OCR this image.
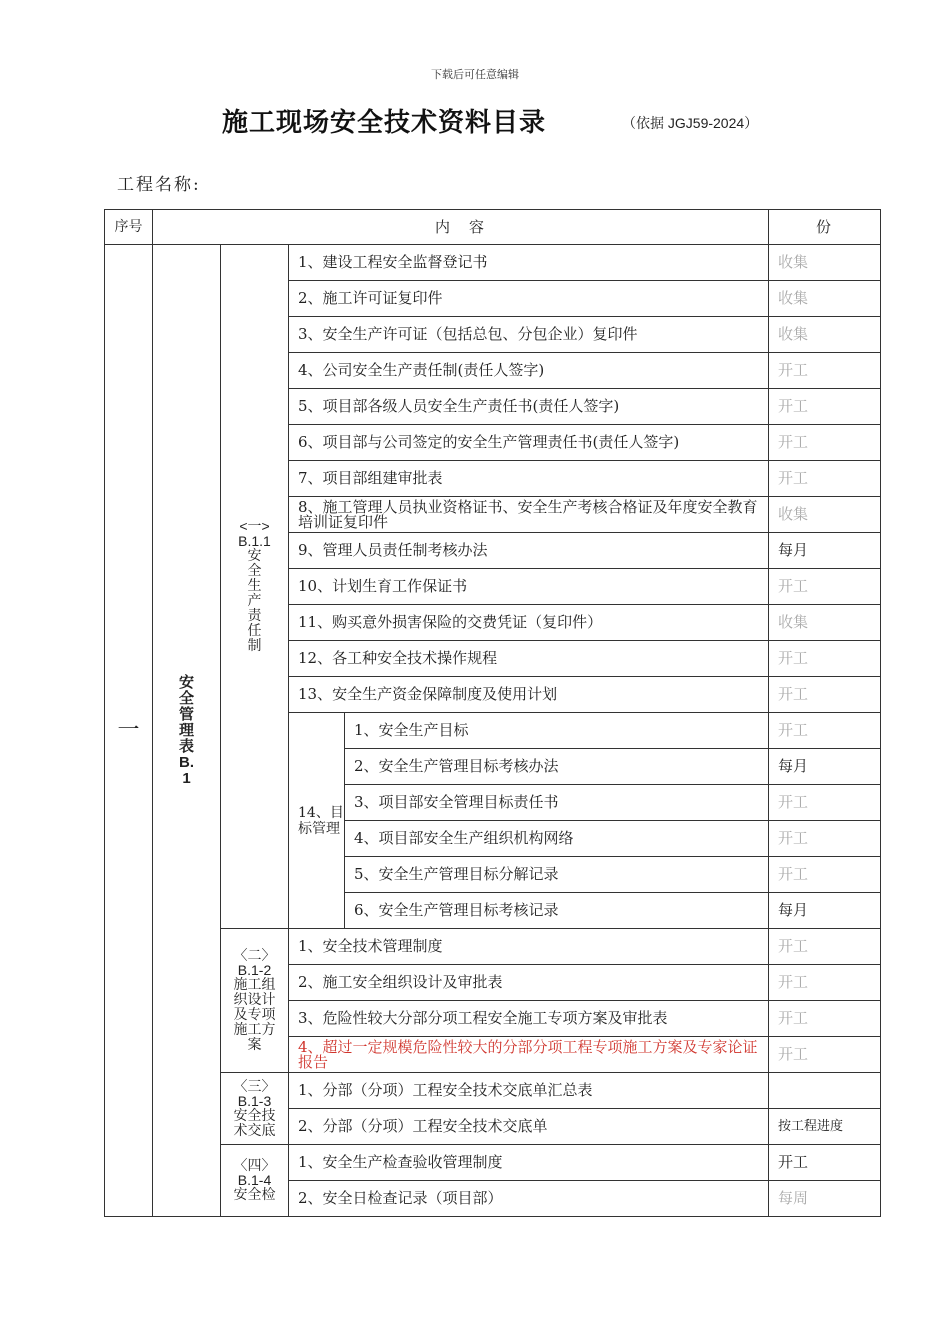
下载后可任意编辑
施工现场安全技术资料目录	（依据 JGJ59-2024）
工程名称:
序号	内　容				份
一	安全管理表B.1	<一>
B.1.1
安全生产责任制	1、建设工程安全监督登记书		收集
			2、施工许可证复印件		收集
			3、安全生产许可证（包括总包、分包企业）复印件		收集
			4、公司安全生产责任制(责任人签字)		开工
			5、项目部各级人员安全生产责任书(责任人签字)		开工
			6、项目部与公司签定的安全生产管理责任书(责任人签字)		开工
			7、项目部组建审批表		开工
			8、施工管理人员执业资格证书、安全生产考核合格证及年度安全教育培训证复印件		收集
			9、管理人员责任制考核办法		每月
			10、计划生育工作保证书		开工
			11、购买意外损害保险的交费凭证（复印件）		收集
			12、各工种安全技术操作规程		开工
			13、安全生产资金保障制度及使用计划		开工
			14、目 标管理	1、安全生产目标	开工
				2、安全生产管理目标考核办法	每月
				3、项目部安全管理目标责任书	开工
				4、项目部安全生产组织机构网络	开工
				5、安全生产管理目标分解记录	开工
				6、安全生产管理目标考核记录	每月

		〈二〉
B.1-2
施工组织设计及专项施工方案	1、安全技术管理制度		开工
			2、施工安全组织设计及审批表		开工
			3、危险性较大分部分项工程安全施工专项方案及审批表		开工
			4、超过一定规模危险性较大的分部分项工程专项施工方案及专家论证报告		开工

		〈三〉
B.1-3
安全技术交底	1、分部（分项）工程安全技术交底单汇总表		
			2、分部（分项）工程安全技术交底单		按工程进度

		〈四〉
B.1-4
安全检	1、安全生产检查验收管理制度		开工
			2、安全日检查记录（项目部）		每周
